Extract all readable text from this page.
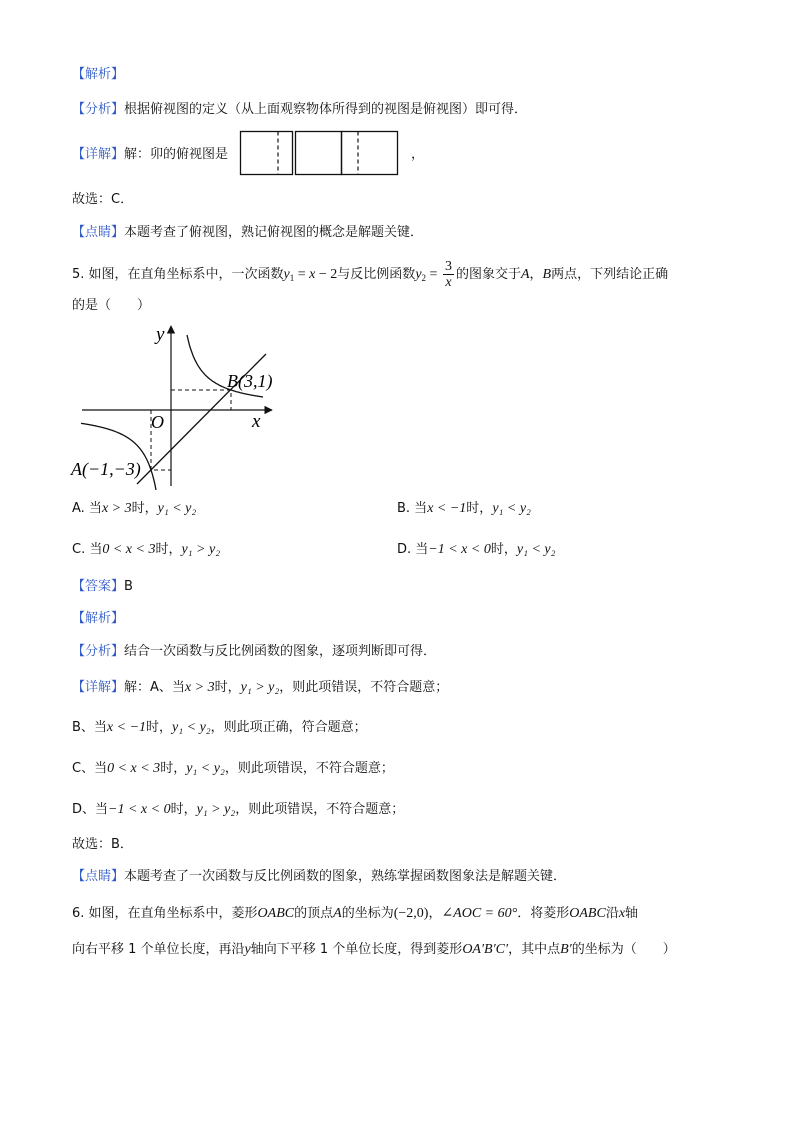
【解析】
【分析】根据俯视图的定义（从上面观察物体所得到的视图是俯视图）即可得．
【详解】解：卯的俯视图是	，
故选：C．
【点睛】本题考查了俯视图，熟记俯视图的概念是解题关键．
5. 如图，在直角坐标系中，一次函数$y_1 = x - 2$与反比例函数$y_2 = \frac{3}{x}$ 的图象交于A，B两点，下列结论正确
的是（　　）
y
x
O
B(3,1)
A(−1,−3)
A. 当x > 3时，y₁ < y₂	B. 当x < −1时，y₁ < y₂
C. 当0 < x < 3时，y₁ > y₂	D. 当−1 < x < 0时，y₁ < y₂
【答案】B
【解析】
【分析】结合一次函数与反比例函数的图象，逐项判断即可得．
【详解】解：A、当x > 3时，y₁ > y₂，则此项错误，不符合题意；
B、当x < −1时，y₁ < y₂，则此项正确，符合题意；
C、当0 < x < 3时，y₁ < y₂，则此项错误，不符合题意；
D、当−1 < x < 0时，y₁ > y₂，则此项错误，不符合题意；
故选：B．
【点睛】本题考查了一次函数与反比例函数的图象，熟练掌握函数图象法是解题关键．
6. 如图，在直角坐标系中，菱形OABC的顶点A的坐标为(−2,0)，∠AOC = 60°．将菱形OABC沿x轴
向右平移 1 个单位长度，再沿y轴向下平移 1 个单位长度，得到菱形OA′B′C′，其中点B′的坐标为（　　）
